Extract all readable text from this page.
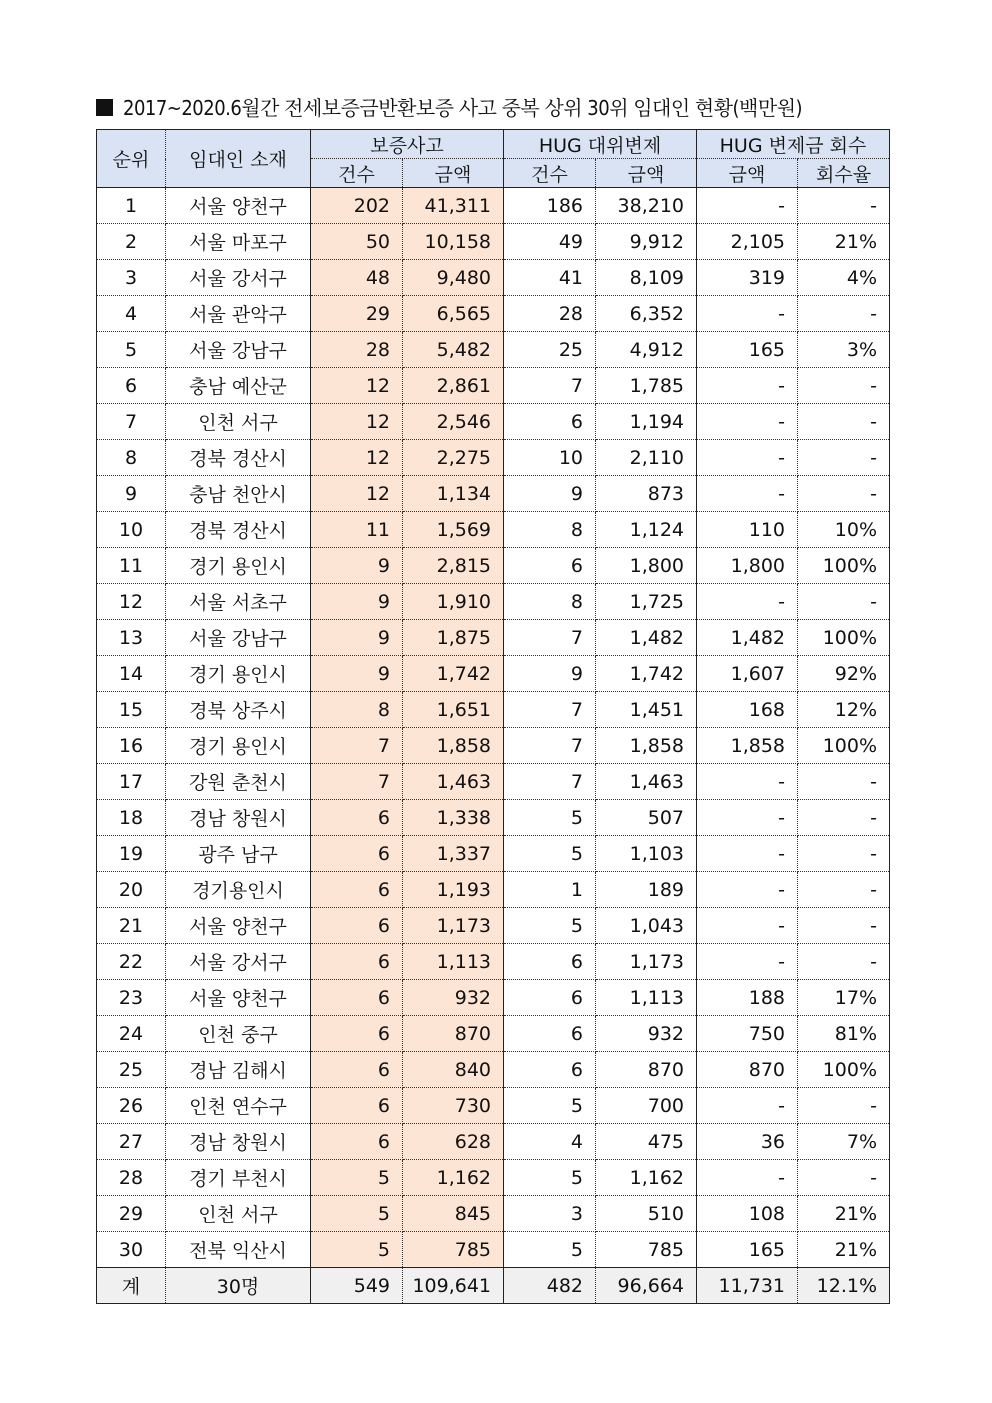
2017~2020.6월간 전세보증금반환보증 사고 중복 상위 30위 임대인 현황(백만원)
순위	임대인 소재	보증사고		HUG 대위변제		HUG 변제금 회수	
		건수	금액	건수	금액	금액	회수율
1	서울 양천구	202	41,311	186	38,210	-	-
2	서울 마포구	50	10,158	49	9,912	2,105	21%
3	서울 강서구	48	9,480	41	8,109	319	4%
4	서울 관악구	29	6,565	28	6,352	-	-
5	서울 강남구	28	5,482	25	4,912	165	3%
6	충남 예산군	12	2,861	7	1,785	-	-
7	인천 서구	12	2,546	6	1,194	-	-
8	경북 경산시	12	2,275	10	2,110	-	-
9	충남 천안시	12	1,134	9	873	-	-
10	경북 경산시	11	1,569	8	1,124	110	10%
11	경기 용인시	9	2,815	6	1,800	1,800	100%
12	서울 서초구	9	1,910	8	1,725	-	-
13	서울 강남구	9	1,875	7	1,482	1,482	100%
14	경기 용인시	9	1,742	9	1,742	1,607	92%
15	경북 상주시	8	1,651	7	1,451	168	12%
16	경기 용인시	7	1,858	7	1,858	1,858	100%
17	강원 춘천시	7	1,463	7	1,463	-	-
18	경남 창원시	6	1,338	5	507	-	-
19	광주 남구	6	1,337	5	1,103	-	-
20	경기용인시	6	1,193	1	189	-	-
21	서울 양천구	6	1,173	5	1,043	-	-
22	서울 강서구	6	1,113	6	1,173	-	-
23	서울 양천구	6	932	6	1,113	188	17%
24	인천 중구	6	870	6	932	750	81%
25	경남 김해시	6	840	6	870	870	100%
26	인천 연수구	6	730	5	700	-	-
27	경남 창원시	6	628	4	475	36	7%
28	경기 부천시	5	1,162	5	1,162	-	-
29	인천 서구	5	845	3	510	108	21%
30	전북 익산시	5	785	5	785	165	21%
계	30명	549	109,641	482	96,664	11,731	12.1%
